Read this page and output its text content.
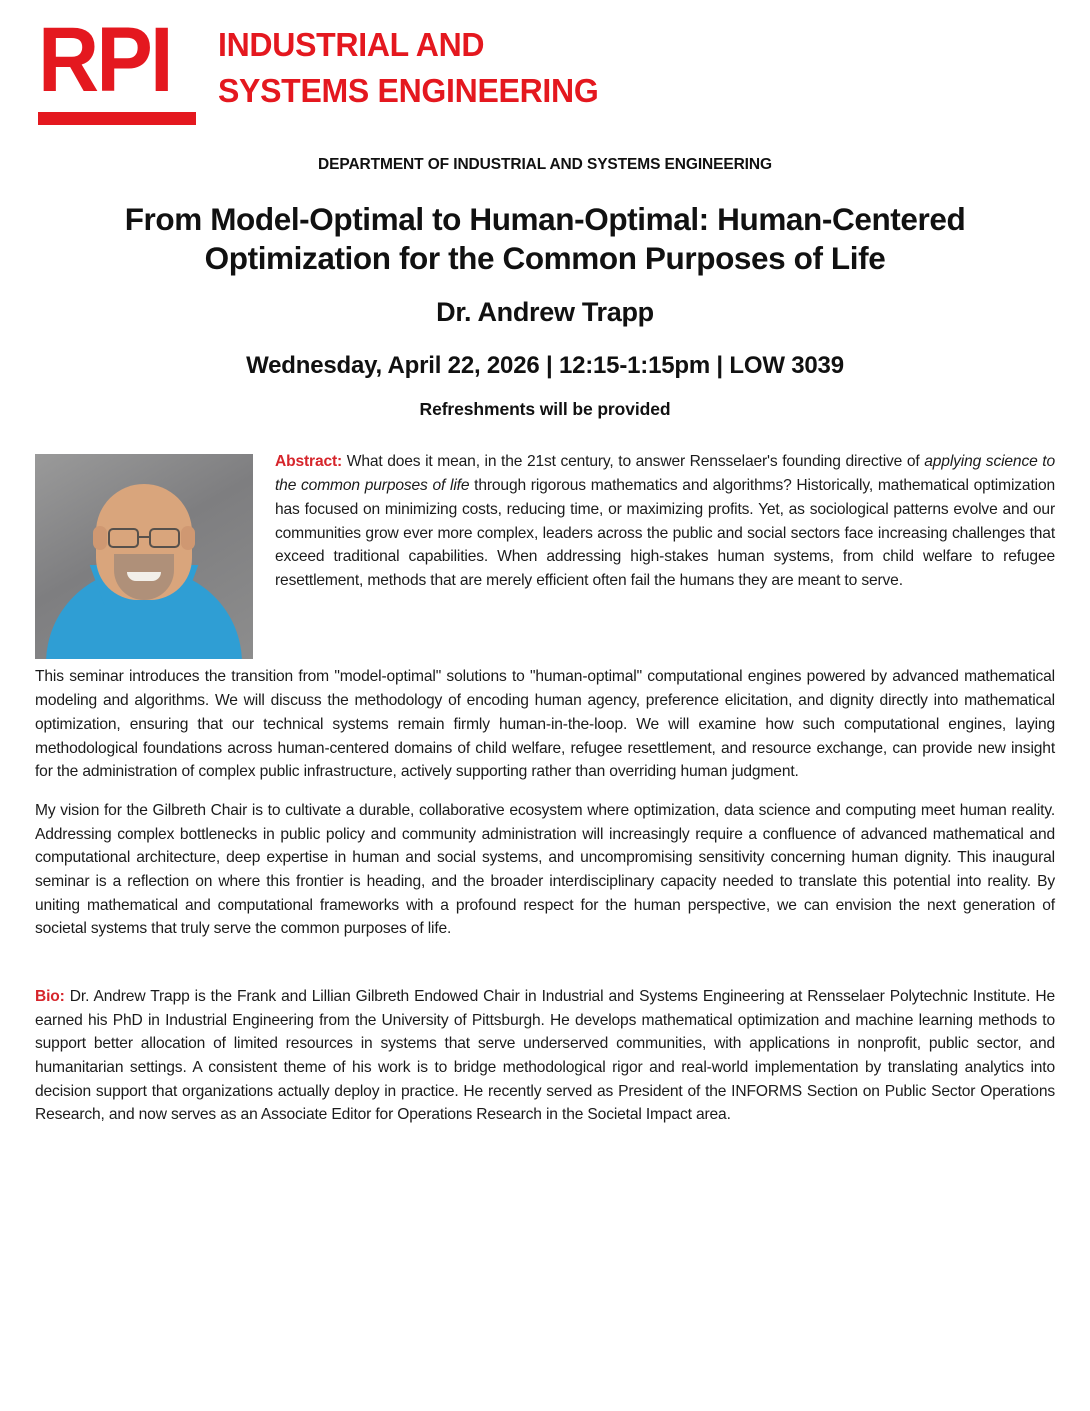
RPI	INDUSTRIAL AND
SYSTEMS ENGINEERING
DEPARTMENT OF INDUSTRIAL AND SYSTEMS ENGINEERING
From Model-Optimal to Human-Optimal: Human-Centered Optimization for the Common Purposes of Life
Dr. Andrew Trapp
Wednesday, April 22, 2026 | 12:15-1:15pm | LOW 3039
Refreshments will be provided

Abstract: What does it mean, in the 21st century, to answer Rensselaer's founding directive of applying science to the common purposes of life through rigorous mathematics and algorithms? Historically, mathematical optimization has focused on minimizing costs, reducing time, or maximizing profits. Yet, as sociological patterns evolve and our communities grow ever more complex, leaders across the public and social sectors face increasing challenges that exceed traditional capabilities. When addressing high-stakes human systems, from child welfare to refugee resettlement, methods that are merely efficient often fail the humans they are meant to serve.

This seminar introduces the transition from "model-optimal" solutions to "human-optimal" computational engines powered by advanced mathematical modeling and algorithms. We will discuss the methodology of encoding human agency, preference elicitation, and dignity directly into mathematical optimization, ensuring that our technical systems remain firmly human-in-the-loop. We will examine how such computational engines, laying methodological foundations across human-centered domains of child welfare, refugee resettlement, and resource exchange, can provide new insight for the administration of complex public infrastructure, actively supporting rather than overriding human judgment.

My vision for the Gilbreth Chair is to cultivate a durable, collaborative ecosystem where optimization, data science and computing meet human reality. Addressing complex bottlenecks in public policy and community administration will increasingly require a confluence of advanced mathematical and computational architecture, deep expertise in human and social systems, and uncompromising sensitivity concerning human dignity. This inaugural seminar is a reflection on where this frontier is heading, and the broader interdisciplinary capacity needed to translate this potential into reality. By uniting mathematical and computational frameworks with a profound respect for the human perspective, we can envision the next generation of societal systems that truly serve the common purposes of life.

Bio: Dr. Andrew Trapp is the Frank and Lillian Gilbreth Endowed Chair in Industrial and Systems Engineering at Rensselaer Polytechnic Institute. He earned his PhD in Industrial Engineering from the University of Pittsburgh. He develops mathematical optimization and machine learning methods to support better allocation of limited resources in systems that serve underserved communities, with applications in nonprofit, public sector, and humanitarian settings. A consistent theme of his work is to bridge methodological rigor and real-world implementation by translating analytics into decision support that organizations actually deploy in practice. He recently served as President of the INFORMS Section on Public Sector Operations Research, and now serves as an Associate Editor for Operations Research in the Societal Impact area.
